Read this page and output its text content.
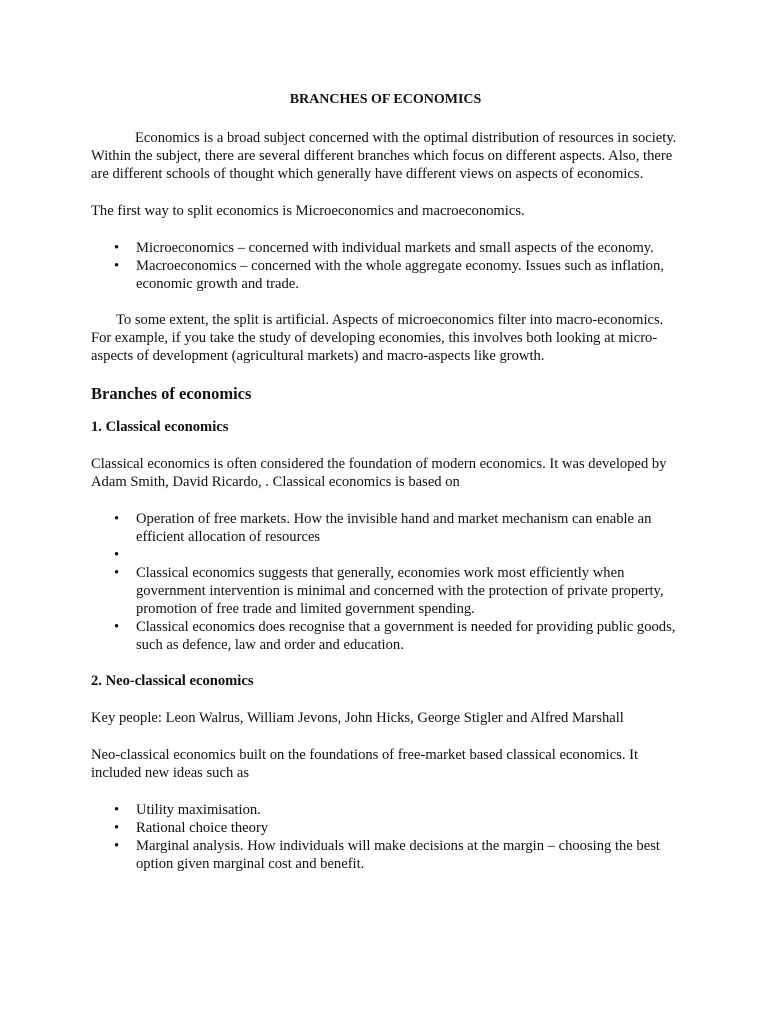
BRANCHES OF ECONOMICS

Economics is a broad subject concerned with the optimal distribution of resources in society. Within the subject, there are several different branches which focus on different aspects. Also, there are different schools of thought which generally have different views on aspects of economics.

The first way to split economics is Microeconomics and macroeconomics.

• Microeconomics – concerned with individual markets and small aspects of the economy.
• Macroeconomics – concerned with the whole aggregate economy. Issues such as inflation, economic growth and trade.

To some extent, the split is artificial. Aspects of microeconomics filter into macro-economics. For example, if you take the study of developing economies, this involves both looking at micro-aspects of development (agricultural markets) and macro-aspects like growth.

Branches of economics
1. Classical economics

Classical economics is often considered the foundation of modern economics. It was developed by Adam Smith, David Ricardo, . Classical economics is based on

• Operation of free markets. How the invisible hand and market mechanism can enable an efficient allocation of resources
•
• Classical economics suggests that generally, economies work most efficiently when government intervention is minimal and concerned with the protection of private property, promotion of free trade and limited government spending.
• Classical economics does recognise that a government is needed for providing public goods, such as defence, law and order and education.
2. Neo-classical economics

Key people: Leon Walrus, William Jevons, John Hicks, George Stigler and Alfred Marshall

Neo-classical economics built on the foundations of free-market based classical economics. It included new ideas such as

• Utility maximisation.
• Rational choice theory
• Marginal analysis. How individuals will make decisions at the margin – choosing the best option given marginal cost and benefit.
